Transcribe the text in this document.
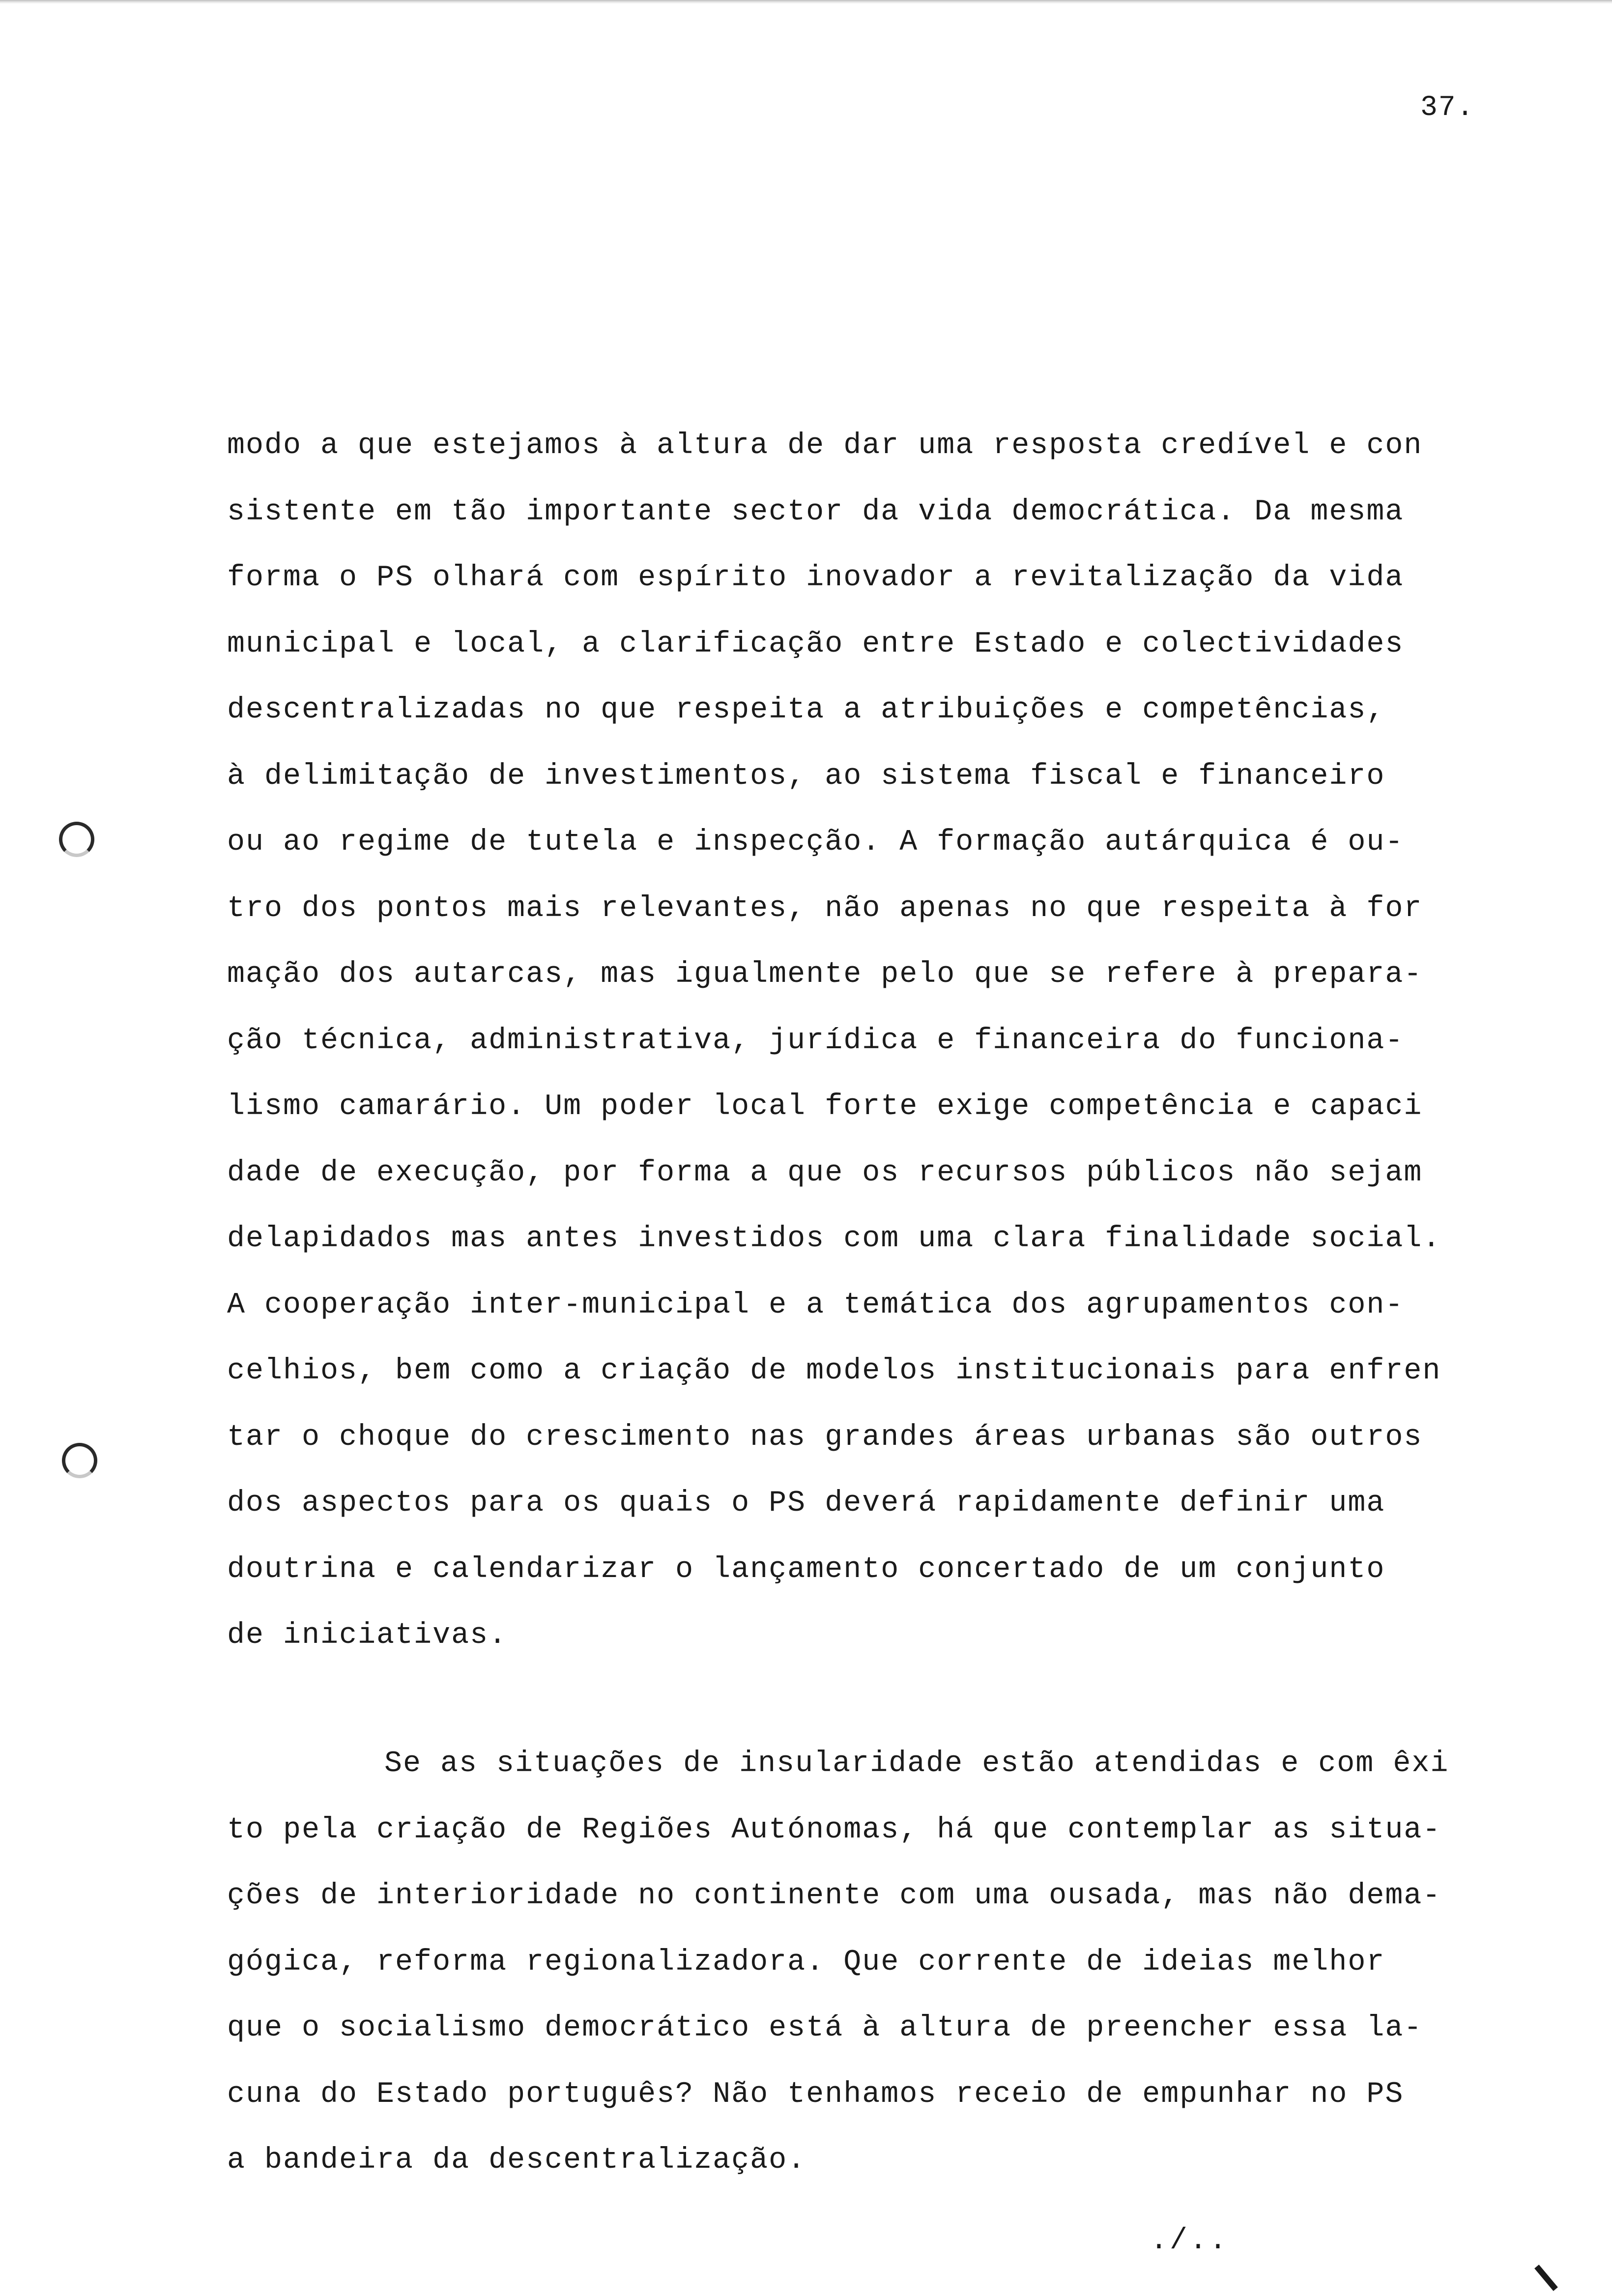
37.
modo a que estejamos à altura de dar uma resposta credível e con
sistente em tão importante sector da vida democrática. Da mesma
forma o PS olhará com espírito inovador a revitalização da vida
municipal e local, a clarificação entre Estado e colectividades
descentralizadas no que respeita a atribuições e competências,
à delimitação de investimentos, ao sistema fiscal e financeiro
ou ao regime de tutela e inspecção. A formação autárquica é ou-
tro dos pontos mais relevantes, não apenas no que respeita à for
mação dos autarcas, mas igualmente pelo que se refere à prepara-
ção técnica, administrativa, jurídica e financeira do funciona-
lismo camarário. Um poder local forte exige competência e capaci
dade de execução, por forma a que os recursos públicos não sejam
delapidados mas antes investidos com uma clara finalidade social.
A cooperação inter-municipal e a temática dos agrupamentos con-
celhios, bem como a criação de modelos institucionais para enfren
tar o choque do crescimento nas grandes áreas urbanas são outros
dos aspectos para os quais o PS deverá rapidamente definir uma
doutrina e calendarizar o lançamento concertado de um conjunto
de iniciativas.
Se as situações de insularidade estão atendidas e com êxi
to pela criação de Regiões Autónomas, há que contemplar as situa-
ções de interioridade no continente com uma ousada, mas não dema-
gógica, reforma regionalizadora. Que corrente de ideias melhor
que o socialismo democrático está à altura de preencher essa la-
cuna do Estado português? Não tenhamos receio de empunhar no PS
a bandeira da descentralização.
./..
